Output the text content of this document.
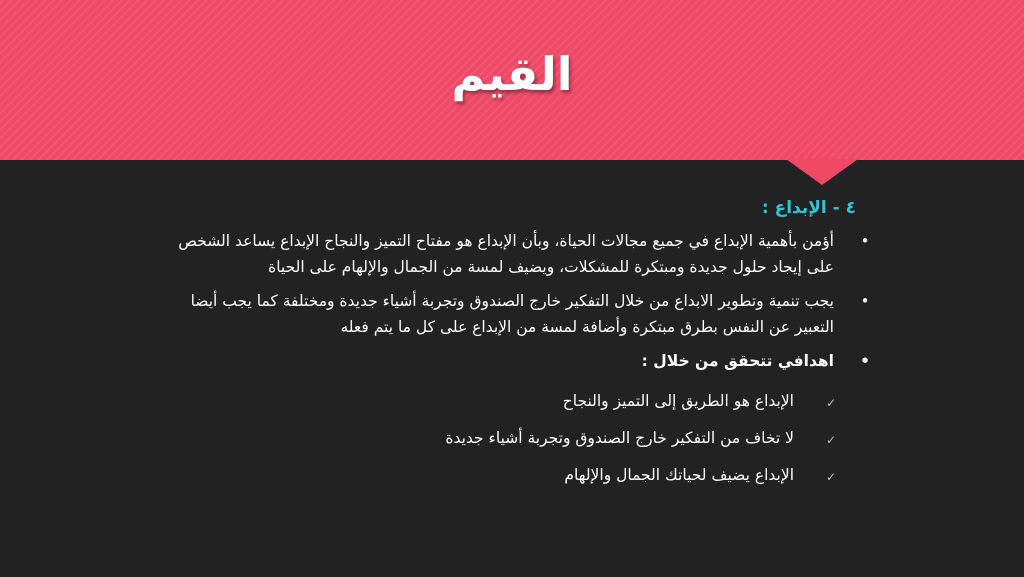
القيم
٤ - الإبداع :
•
أؤمن بأهمية الإبداع في جميع مجالات الحياة، وبأن الإبداع هو مفتاح التميز والنجاح الإبداع يساعد الشخص على إيجاد حلول جديدة ومبتكرة للمشكلات، ويضيف لمسة من الجمال والإلهام على الحياة
•
يجب تنمية وتطوير الابداع من خلال التفكير خارج الصندوق وتجربة أشياء جديدة ومختلفة كما يجب أيضا التعبير عن النفس بطرق مبتكرة وأضافة لمسة من الإبداع على كل ما يتم فعله
•
اهدافي تتحقق من خلال :
✓
الإبداع هو الطريق إلى التميز والنجاح
✓
لا تخاف من التفكير خارج الصندوق وتجربة أشياء جديدة
✓
الإبداع يضيف لحياتك الجمال والإلهام
